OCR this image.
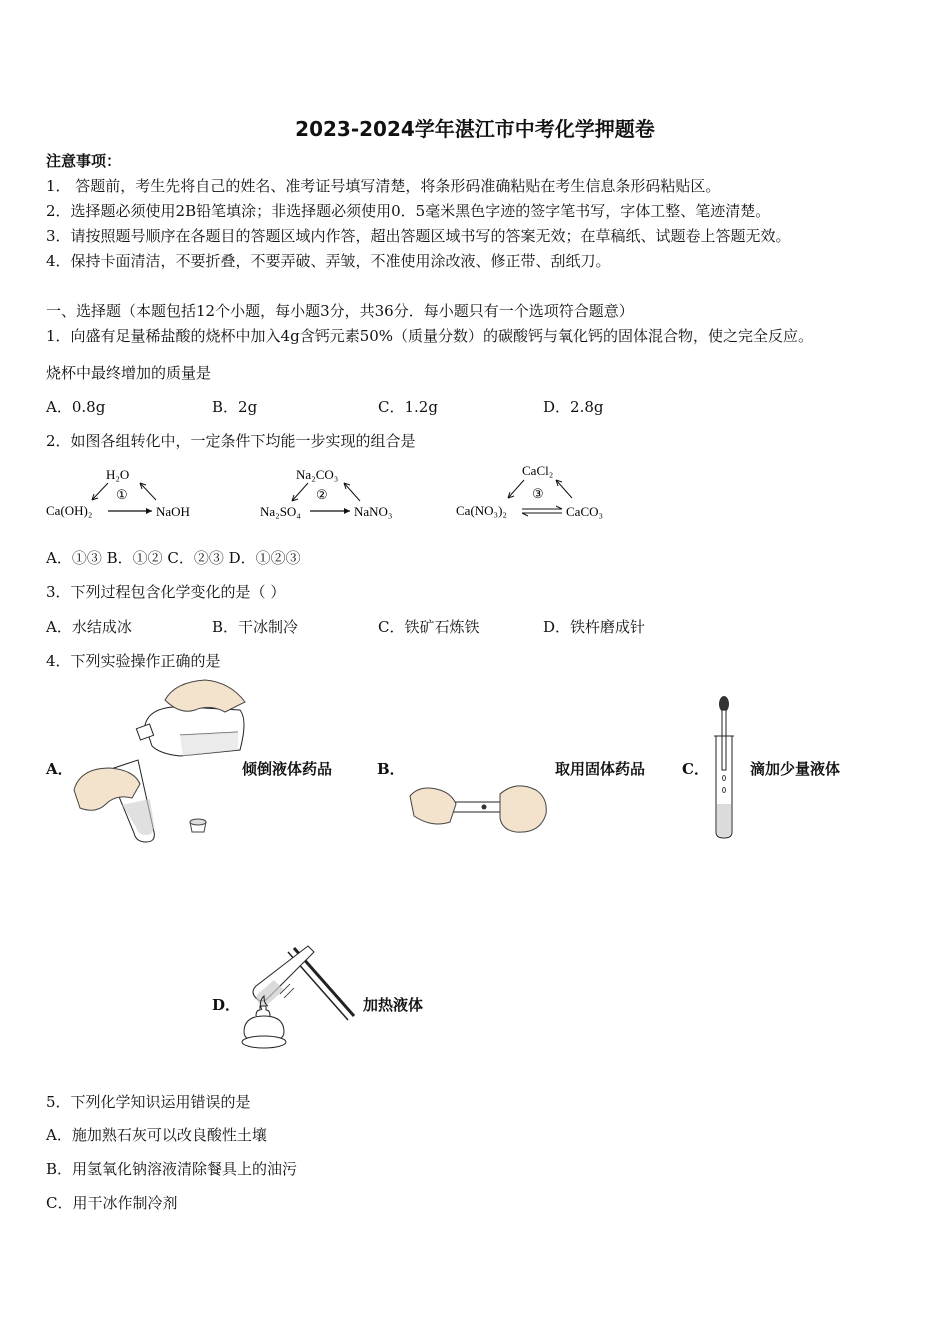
2023-2024学年湛江市中考化学押题卷
注意事项：
1． 答题前，考生先将自己的姓名、准考证号填写清楚，将条形码准确粘贴在考生信息条形码粘贴区。
2．选择题必须使用2B铅笔填涂；非选择题必须使用0．5毫米黑色字迹的签字笔书写，字体工整、笔迹清楚。
3．请按照题号顺序在各题目的答题区域内作答，超出答题区域书写的答案无效；在草稿纸、试题卷上答题无效。
4．保持卡面清洁，不要折叠，不要弄破、弄皱，不准使用涂改液、修正带、刮纸刀。
一、选择题（本题包括12个小题，每小题3分，共36分．每小题只有一个选项符合题意）
1．向盛有足量稀盐酸的烧杯中加入4g含钙元素50%（质量分数）的碳酸钙与氧化钙的固体混合物，使之完全反应。
烧杯中最终增加的质量是
A．0.8g	B．2g	C．1.2g	D．2.8g
2．如图各组转化中，一定条件下均能一步实现的组合是
H₂O
①
Ca(OH)₂	NaOH
Na₂CO₃
②
Na₂SO₄	NaNO₃
CaCl₂
③
Ca(NO₃)₂	CaCO₃
A．①③ B．①② C．②③ D．①②③
3．下列过程包含化学变化的是（ ）
A．水结成冰	B．干冰制冷	C．铁矿石炼铁	D．铁杵磨成针
4．下列实验操作正确的是
A．	倾倒液体药品	B．	取用固体药品 C．	滴加少量液体
D．	加热液体
5．下列化学知识运用错误的是
A．施加熟石灰可以改良酸性土壤
B．用氢氧化钠溶液清除餐具上的油污
C．用干冰作制冷剂
